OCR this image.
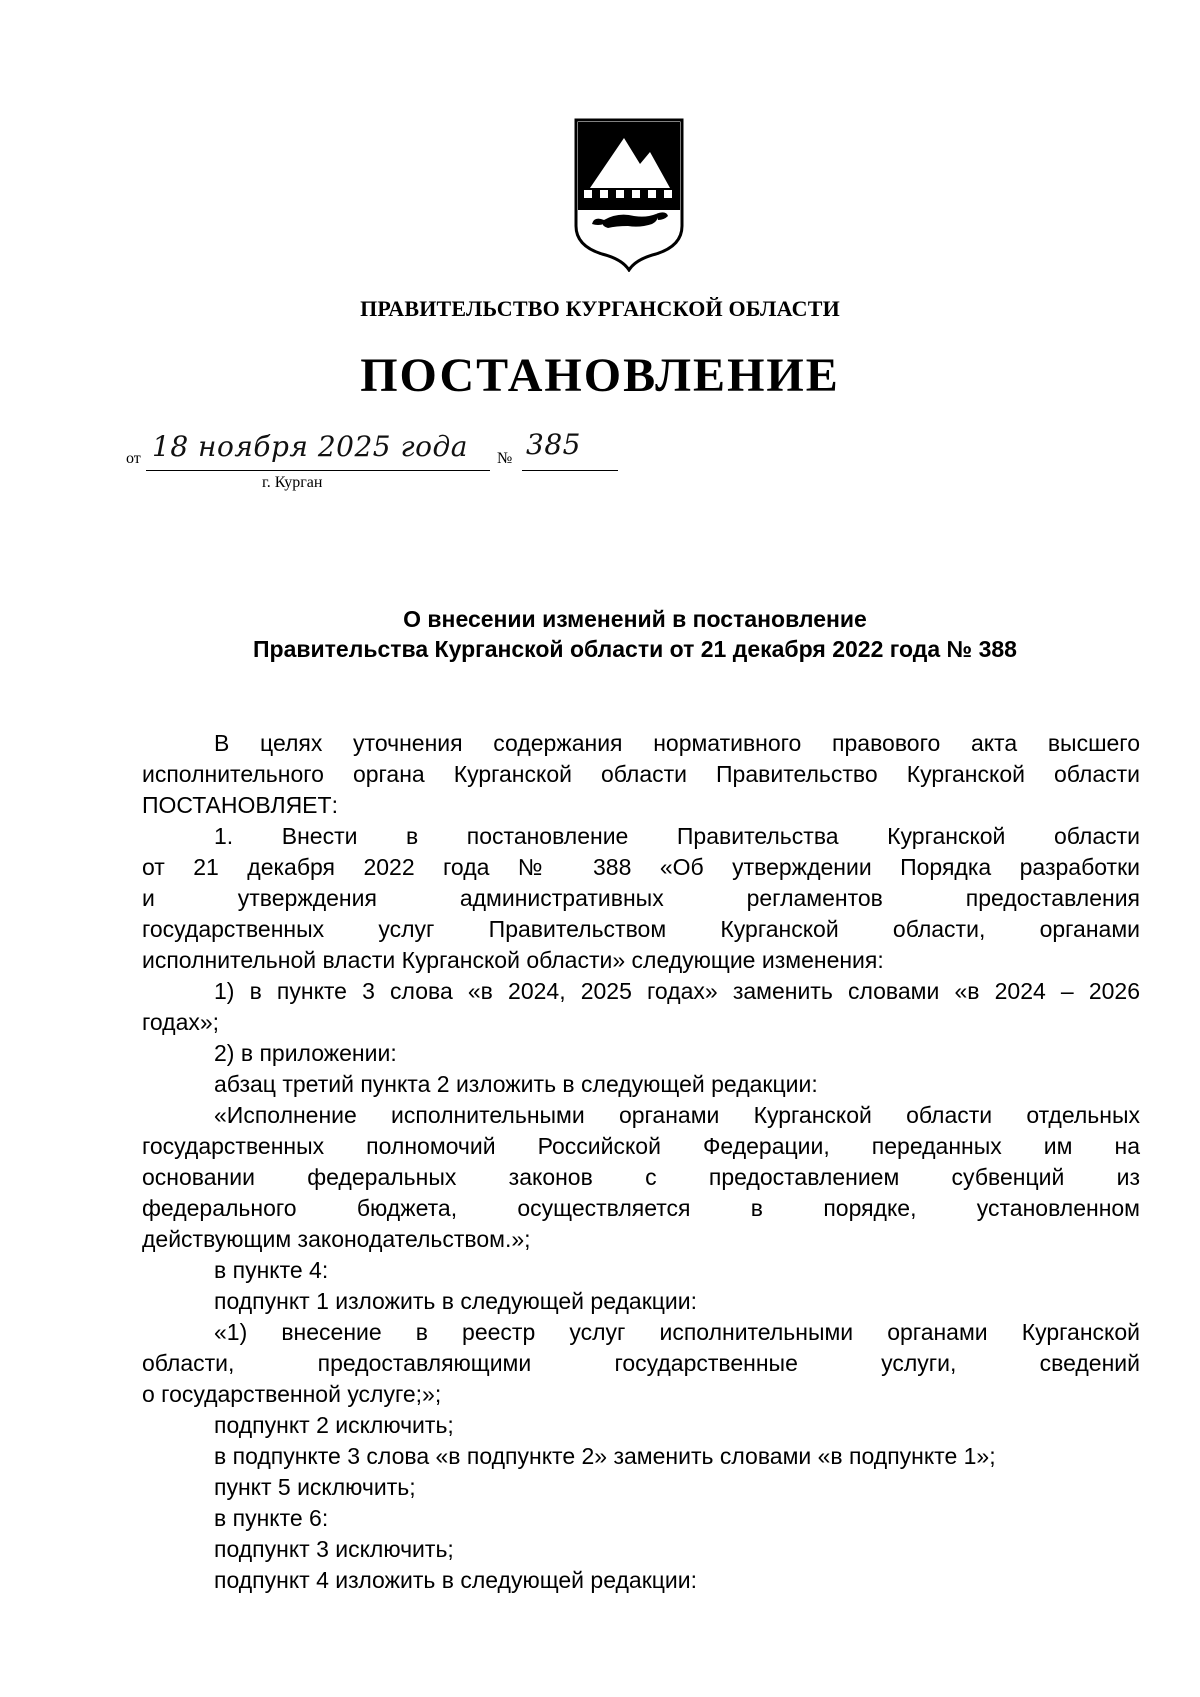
ПРАВИТЕЛЬСТВО КУРГАНСКОЙ ОБЛАСТИ
ПОСТАНОВЛЕНИЕ
от 18 ноября 2025 года № 385
г. Курган
О внесении изменений в постановление
Правительства Курганской области от 21 декабря 2022 года № 388
В целях уточнения содержания нормативного правового акта высшего
исполнительного органа Курганской области Правительство Курганской области
ПОСТАНОВЛЯЕТ:
1. Внести в постановление Правительства Курганской области
от 21 декабря 2022 года № 388 «Об утверждении Порядка разработки
и утверждения административных регламентов предоставления
государственных услуг Правительством Курганской области, органами
исполнительной власти Курганской области» следующие изменения:
1) в пункте 3 слова «в 2024, 2025 годах» заменить словами «в 2024 – 2026
годах»;
2) в приложении:
абзац третий пункта 2 изложить в следующей редакции:
«Исполнение исполнительными органами Курганской области отдельных
государственных полномочий Российской Федерации, переданных им на
основании федеральных законов с предоставлением субвенций из
федерального бюджета, осуществляется в порядке, установленном
действующим законодательством.»;
в пункте 4:
подпункт 1 изложить в следующей редакции:
«1) внесение в реестр услуг исполнительными органами Курганской
области, предоставляющими государственные услуги, сведений
о государственной услуге;»;
подпункт 2 исключить;
в подпункте 3 слова «в подпункте 2» заменить словами «в подпункте 1»;
пункт 5 исключить;
в пункте 6:
подпункт 3 исключить;
подпункт 4 изложить в следующей редакции:
